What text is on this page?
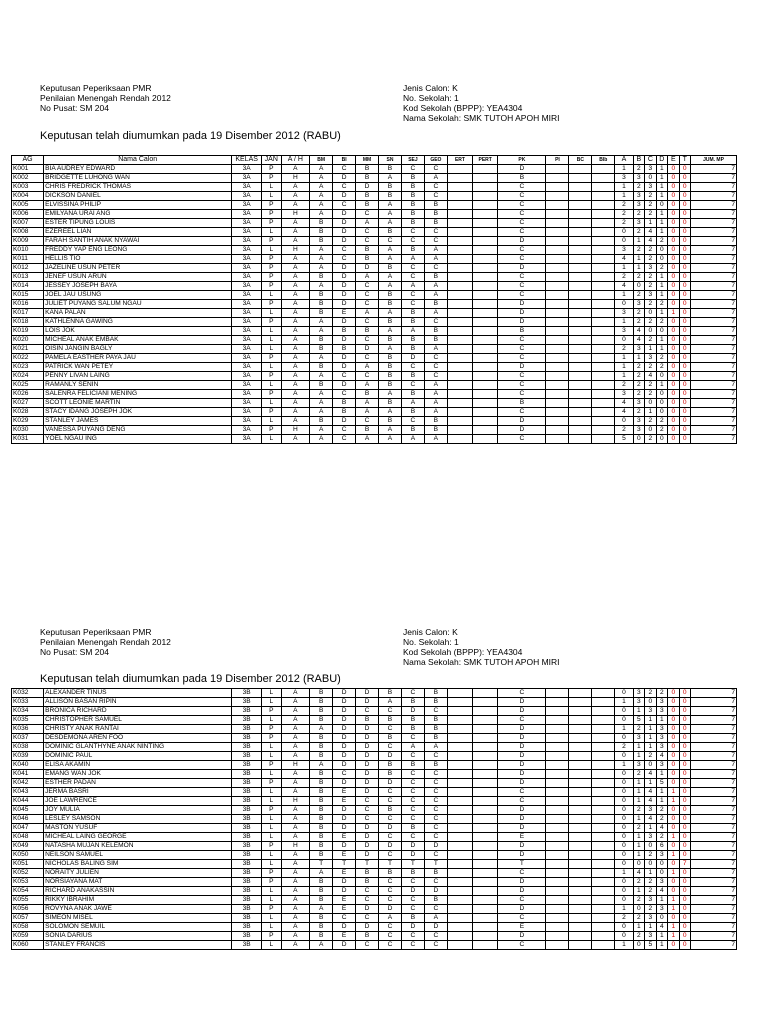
Keputusan Peperiksaan PMR
Penilaian Menengah Rendah 2012
No Pusat: SM 204
Jenis Calon: K
No. Sekolah: 1
Kod Sekolah (BPPP): YEA4304
Nama Sekolah: SMK TUTOH APOH MIRI
Keputusan telah diumumkan pada 19 Disember 2012 (RABU)
AG	Nama Calon	KELAS	JAN	A / H	BM	BI	MM	SN	SEJ	GEO	ERT	PERT	PK	PI	BC	Blb	A	B	C	D	E	T	JUM. MP
K001	BIA AUDREY EDWARD	3A	P	A	A	C	B	B	C	C			D				1	2	3	1	0	0	7
K002	BRIDGETTE LUHONG WAN	3A	P	H	A	D	B	A	B	A			B				3	3	0	1	0	0	7
K003	CHRIS FREDRICK THOMAS	3A	L	A	A	C	D	B	B	C			C				1	2	3	1	0	0	7
K004	DICKSON DANIEL	3A	L	A	A	D	B	B	B	C			C				1	3	2	1	0	0	7
K005	ELVISSINA PHILIP	3A	P	A	A	C	B	A	B	B			C				2	3	2	0	0	0	7
K006	EMILYANA URAI ANG	3A	P	H	A	D	C	A	B	B			C				2	2	2	1	0	0	7
K007	ESTER TIPUNG LOUIS	3A	P	A	B	D	A	A	B	B			C				2	3	1	1	0	0	7
K008	EZEREEL LIAN	3A	L	A	B	D	C	B	C	C			C				0	2	4	1	0	0	7
K009	FARAH SANTIH ANAK NYAWAI	3A	P	A	B	D	C	C	C	C			D				0	1	4	2	0	0	7
K010	FREDDY YAP ENG LEONG	3A	L	H	A	C	B	A	B	A			C				3	2	2	0	0	0	7
K011	HELLIS TIO	3A	P	A	A	C	B	A	A	A			C				4	1	2	0	0	0	7
K012	JAZELINE USUN PETER	3A	P	A	A	D	D	B	C	C			D				1	1	3	2	0	0	7
K013	JENEF USUN ARUN	3A	P	A	B	D	A	A	C	B			C				2	2	2	1	0	0	7
K014	JESSEY JOSEPH BAYA	3A	P	A	A	D	C	A	A	A			C				4	0	2	1	0	0	7
K015	JOEL JAU USUNG	3A	L	A	B	D	C	B	C	A			C				1	2	3	1	0	0	7
K016	JULIET PUYANG SALUM NGAU	3A	P	A	B	D	C	B	C	B			D				0	3	2	2	0	0	7
K017	KANA PALAN	3A	L	A	B	E	A	A	B	A			D				3	2	0	1	1	0	7
K018	KATHLENNA GAWING	3A	P	A	A	D	C	B	B	C			D				1	2	2	2	0	0	7
K019	LOIS JOK	3A	L	A	A	B	B	A	A	B			B				3	4	0	0	0	0	7
K020	MICHEAL ANAK EMBAK	3A	L	A	B	D	C	B	B	B			C				0	4	2	1	0	0	7
K021	OISIN JANGIN BAGLY	3A	L	A	B	B	D	A	B	A			C				2	3	1	1	0	0	7
K022	PAMELA EASTHER PAYA JAU	3A	P	A	A	D	C	B	D	C			C				1	1	3	2	0	0	7
K023	PATRICK WAN PETEY	3A	L	A	B	D	A	B	C	C			D				1	2	2	2	0	0	7
K024	PENNY LIVAN LAING	3A	P	A	A	C	C	B	B	C			C				1	2	4	0	0	0	7
K025	RAMANLY SENIN	3A	L	A	B	D	A	B	C	A			C				2	2	2	1	0	0	7
K026	SALENRA FELICIANI MENING	3A	P	A	A	C	B	A	B	A			C				3	2	2	0	0	0	7
K027	SCOTT LEONIE MARTIN	3A	L	A	A	B	A	B	A	A			B				4	3	0	0	0	0	7
K028	STACY IDANG JOSEPH JOK	3A	P	A	A	B	A	A	B	A			C				4	2	1	0	0	0	7
K029	STANLEY JAMES	3A	L	A	B	D	C	B	C	B			D				0	3	2	2	0	0	7
K030	VANESSA PUYANG DENG	3A	P	H	A	C	B	A	B	B			D				2	3	0	2	0	0	7
K031	YOEL NGAU ING	3A	L	A	A	C	A	A	A	A			C				5	0	2	0	0	0	7
Keputusan Peperiksaan PMR
Penilaian Menengah Rendah 2012
No Pusat: SM 204
Jenis Calon: K
No. Sekolah: 1
Kod Sekolah (BPPP): YEA4304
Nama Sekolah: SMK TUTOH APOH MIRI
Keputusan telah diumumkan pada 19 Disember 2012 (RABU)
K032	ALEXANDER TINUS	3B	L	A	B	D	D	B	C	B			C				0	3	2	2	0	0	7
K033	ALLISON BASAN RIPIN	3B	L	A	B	D	D	A	B	B			D				1	3	0	3	0	0	7
K034	BRONICA RICHARD	3B	P	A	B	D	C	C	D	C			D				0	1	3	3	0	0	7
K035	CHRISTOPHER SAMUEL	3B	L	A	B	D	B	B	B	B			C				0	5	1	1	0	0	7
K036	CHRISTY ANAK RANTAI	3B	P	A	A	D	D	C	B	B			D				1	2	1	3	0	0	7
K037	DESDEMONA AREN FOO	3B	P	A	B	D	D	B	C	B			D				0	3	1	3	0	0	7
K038	DOMINIC GLANTHYNE ANAK NINTING	3B	L	A	B	D	D	C	A	A			D				2	1	1	3	0	0	7
K039	DOMINIC PAUL	3B	L	A	B	D	D	D	C	C			D				0	1	2	4	0	0	7
K040	ELISA AKAMIN	3B	P	H	A	D	D	B	B	B			D				1	3	0	3	0	0	7
K041	EMANG WAN JOK	3B	L	A	B	C	D	B	C	C			D				0	2	4	1	0	0	7
K042	ESTHER PADAN	3B	P	A	B	D	D	D	C	C			D				0	1	1	5	0	0	7
K043	JERMA BASRI	3B	L	A	B	E	D	C	C	C			C				0	1	4	1	1	0	7
K044	JOE LAWRENCE	3B	L	H	B	E	C	C	C	C			C				0	1	4	1	1	0	7
K045	JOY MULIA	3B	P	A	B	D	C	B	C	C			D				0	2	3	2	0	0	7
K046	LESLEY SAMSON	3B	L	A	B	D	C	C	C	C			D				0	1	4	2	0	0	7
K047	MASTON YUSUF	3B	L	A	B	D	D	D	B	C			D				0	2	1	4	0	0	7
K048	MICHEAL LAING GEORGE	3B	L	A	B	E	D	C	C	C			E				0	1	3	2	1	0	7
K049	NATASHA MUJAN KELEMON	3B	P	H	B	D	D	D	D	D			D				0	1	0	6	0	0	7
K050	NEILSON SAMUEL	3B	L	A	B	E	D	C	D	C			D				0	1	2	3	1	0	7
K051	NICHOLAS BALING SIM	3B	L	A	T	T	T	T	T	T			T				0	0	0	0	0	7	7
K052	NORAITY JULIEN	3B	P	A	A	E	B	B	B	B			C				1	4	1	0	1	0	7
K053	NORSIAYANA MAT	3B	P	A	B	D	B	C	C	C			D				0	2	2	3	0	0	7
K054	RICHARD ANAKASSIN	3B	L	A	B	D	C	C	D	D			D				0	1	2	4	0	0	7
K055	RIKKY IBRAHIM	3B	L	A	B	E	C	C	C	B			C				0	2	3	1	1	0	7
K056	ROVYNA ANAK JAWE	3B	P	A	A	E	D	D	C	C			D				1	0	2	3	1	0	7
K057	SIMEON MISEL	3B	L	A	B	C	C	A	B	A			C				2	2	3	0	0	0	7
K058	SOLOMON SEMUIL	3B	L	A	B	D	D	C	D	D			E				0	1	1	4	1	0	7
K059	SONIA DARIUS	3B	P	A	B	E	B	C	C	C			D				0	2	3	1	1	0	7
K060	STANLEY FRANCIS	3B	L	A	A	D	C	C	C	C			C				1	0	5	1	0	0	7
